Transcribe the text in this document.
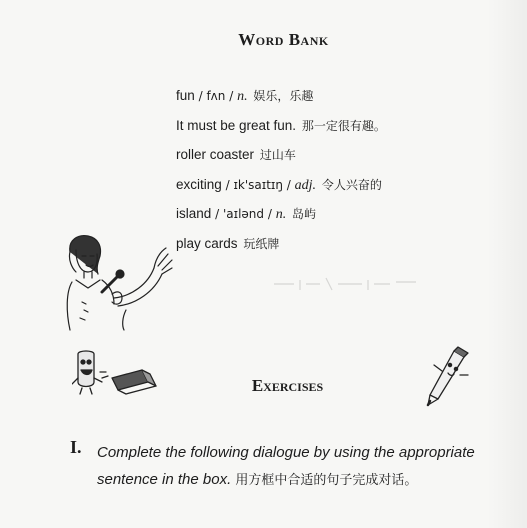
Word Bank
fun / fʌn / n. 娱乐，乐趣
It must be great fun. 那一定很有趣。
roller coaster 过山车
exciting / ɪk'saɪtɪŋ / adj. 令人兴奋的
island / 'aɪlənd / n. 岛屿
play cards 玩纸牌
Exercises
I. Complete the following dialogue by using the appropriate sentence in the box. 用方框中合适的句子完成对话。
